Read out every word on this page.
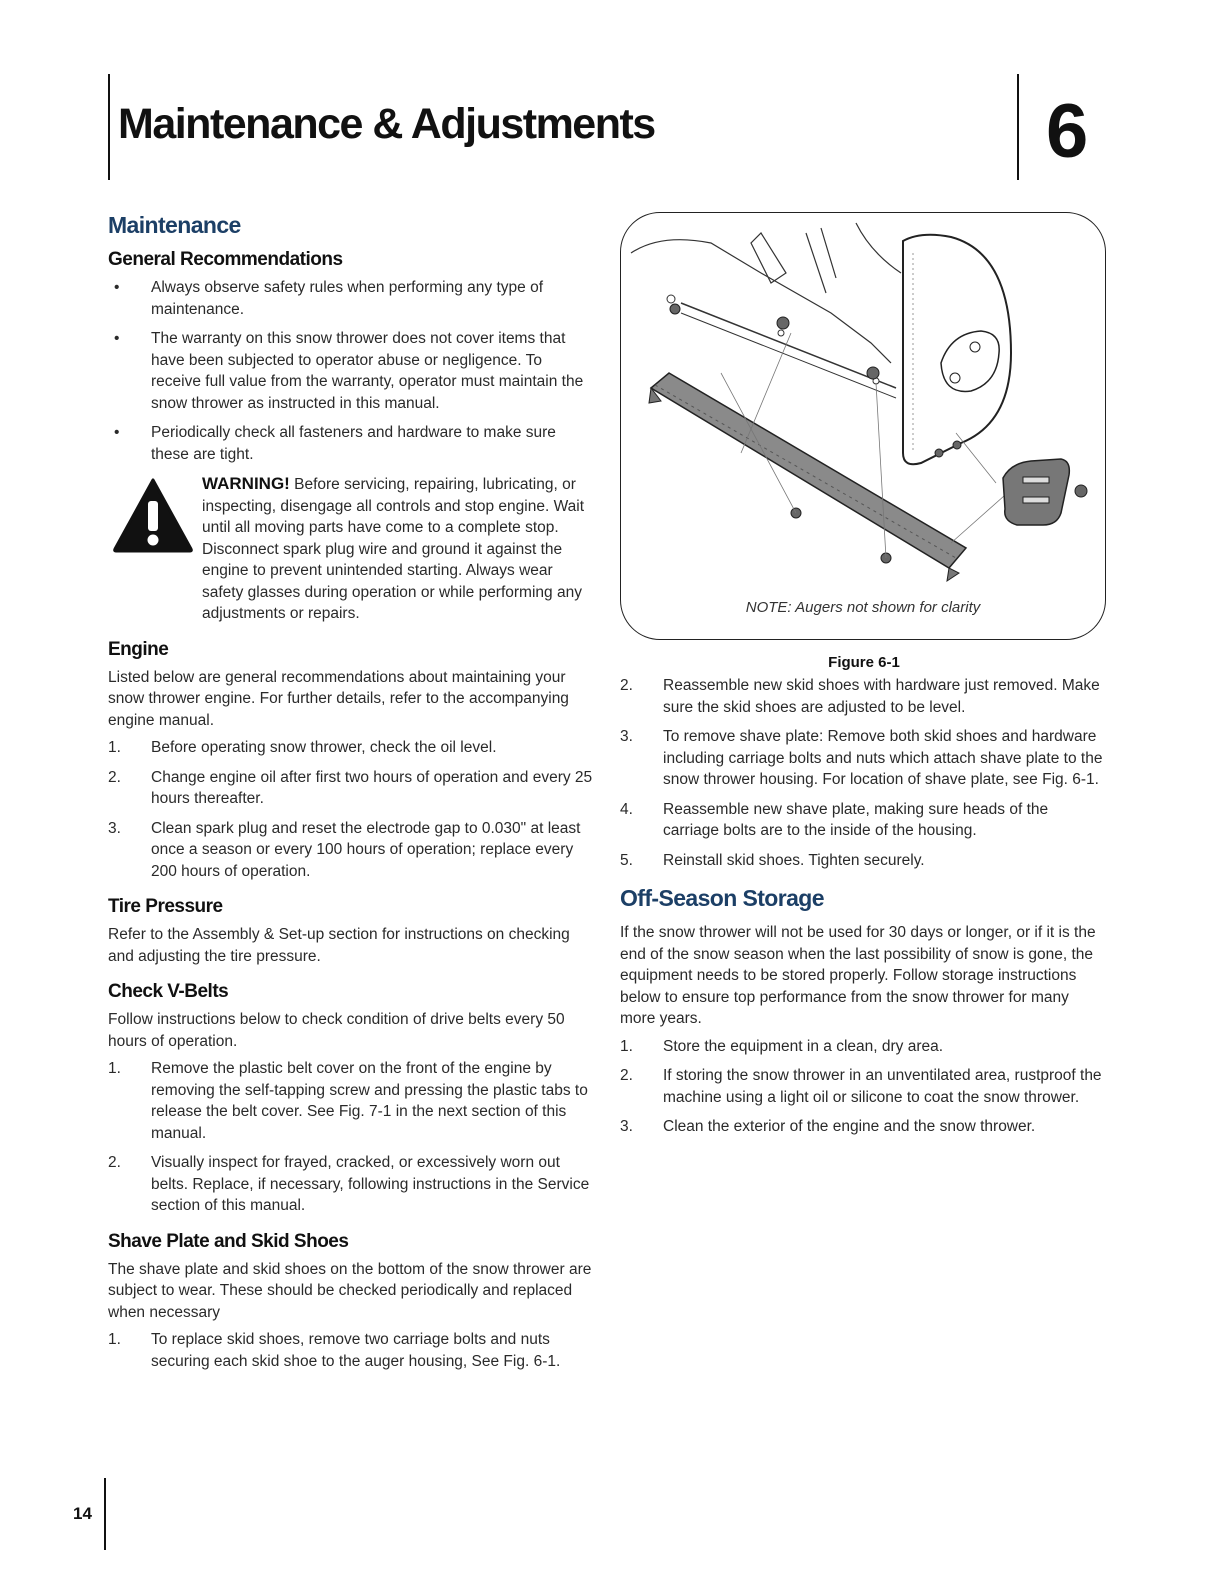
Maintenance & Adjustments	6
Maintenance
General Recommendations
• Always observe safety rules when performing any type of maintenance.
• The warranty on this snow thrower does not cover items that have been subjected to operator abuse or negligence. To receive full value from the warranty, operator must maintain the snow thrower as instructed in this manual.
• Periodically check all fasteners and hardware to make sure these are tight.

WARNING! Before servicing, repairing, lubricating, or inspecting, disengage all controls and stop engine. Wait until all moving parts have come to a complete stop. Disconnect spark plug wire and ground it against the engine to prevent unintended starting. Always wear safety glasses during operation or while performing any adjustments or repairs.

Engine

Listed below are general recommendations about maintaining your snow thrower engine. For further details, refer to the accompanying engine manual.

1. Before operating snow thrower, check the oil level.
2. Change engine oil after first two hours of operation and every 25 hours thereafter.
3. Clean spark plug and reset the electrode gap to 0.030" at least once a season or every 100 hours of operation; replace every 200 hours of operation.
Tire Pressure

Refer to the Assembly & Set-up section for instructions on checking and adjusting the tire pressure.

Check V-Belts

Follow instructions below to check condition of drive belts every 50 hours of operation.

1. Remove the plastic belt cover on the front of the engine by removing the self-tapping screw and pressing the plastic tabs to release the belt cover. See Fig. 7-1 in the next section of this manual.
2. Visually inspect for frayed, cracked, or excessively worn out belts. Replace, if necessary, following instructions in the Service section of this manual.
Shave Plate and Skid Shoes

The shave plate and skid shoes on the bottom of the snow thrower are subject to wear. These should be checked periodically and replaced when necessary

1. To replace skid shoes, remove two carriage bolts and nuts securing each skid shoe to the auger housing, See Fig. 6-1.
NOTE: Augers not shown for clarity
Figure 6-1
2. Reassemble new skid shoes with hardware just removed. Make sure the skid shoes are adjusted to be level.
3. To remove shave plate: Remove both skid shoes and hardware including carriage bolts and nuts which attach shave plate to the snow thrower housing. For location of shave plate, see Fig. 6-1.
4. Reassemble new shave plate, making sure heads of the carriage bolts are to the inside of the housing.
5. Reinstall skid shoes. Tighten securely.
Off-Season Storage

If the snow thrower will not be used for 30 days or longer, or if it is the end of the snow season when the last possibility of snow is gone, the equipment needs to be stored properly. Follow storage instructions below to ensure top performance from the snow thrower for many more years.

1. Store the equipment in a clean, dry area.
2. If storing the snow thrower in an unventilated area, rustproof the machine using a light oil or silicone to coat the snow thrower.
3. Clean the exterior of the engine and the snow thrower.
14
